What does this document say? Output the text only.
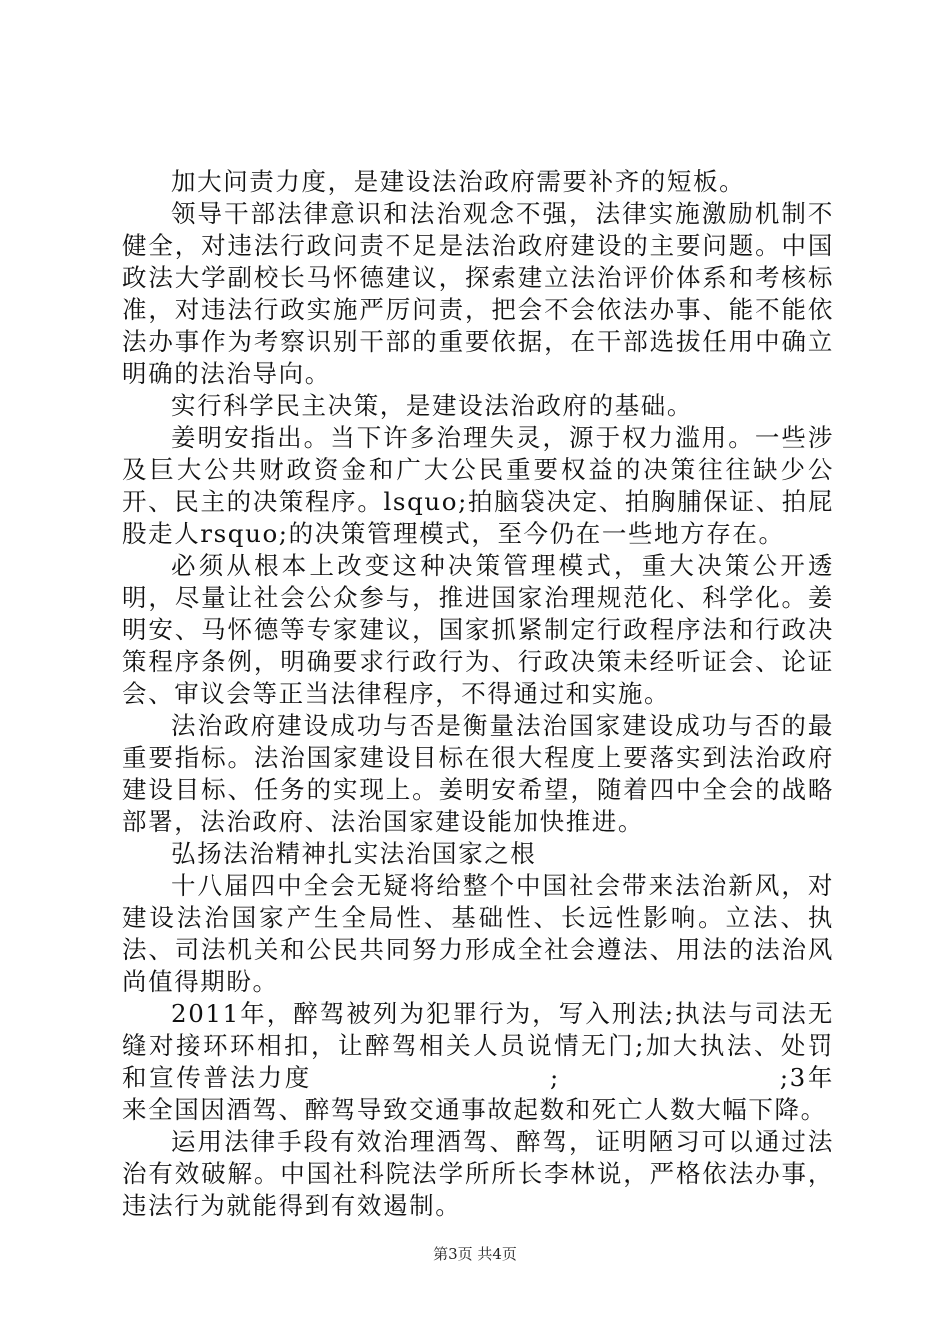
加大问责力度，是建设法治政府需要补齐的短板。

领导干部法律意识和法治观念不强，法律实施激励机制不健全，对违法行政问责不足是法治政府建设的主要问题。中国政法大学副校长马怀德建议，探索建立法治评价体系和考核标准，对违法行政实施严厉问责，把会不会依法办事、能不能依法办事作为考察识别干部的重要依据，在干部选拔任用中确立明确的法治导向。

实行科学民主决策，是建设法治政府的基础。

姜明安指出。当下许多治理失灵，源于权力滥用。一些涉及巨大公共财政资金和广大公民重要权益的决策往往缺少公开、民主的决策程序。lsquo;拍脑袋决定、拍胸脯保证、拍屁股走人rsquo;的决策管理模式，至今仍在一些地方存在。

必须从根本上改变这种决策管理模式，重大决策公开透明，尽量让社会公众参与，推进国家治理规范化、科学化。姜明安、马怀德等专家建议，国家抓紧制定行政程序法和行政决策程序条例，明确要求行政行为、行政决策未经听证会、论证会、审议会等正当法律程序，不得通过和实施。

法治政府建设成功与否是衡量法治国家建设成功与否的最重要指标。法治国家建设目标在很大程度上要落实到法治政府建设目标、任务的实现上。姜明安希望，随着四中全会的战略部署，法治政府、法治国家建设能加快推进。

弘扬法治精神扎实法治国家之根

十八届四中全会无疑将给整个中国社会带来法治新风，对建设法治国家产生全局性、基础性、长远性影响。立法、执法、司法机关和公民共同努力形成全社会遵法、用法的法治风尚值得期盼。

2011年，醉驾被列为犯罪行为，写入刑法;执法与司法无缝对接环环相扣，让醉驾相关人员说情无门;加大执法、处罚和宣传普法力度	;	;3年来全国因酒驾、醉驾导致交通事故起数和死亡人数大幅下降。

运用法律手段有效治理酒驾、醉驾，证明陋习可以通过法治有效破解。中国社科院法学所所长李林说，严格依法办事，违法行为就能得到有效遏制。

第3页 共4页
